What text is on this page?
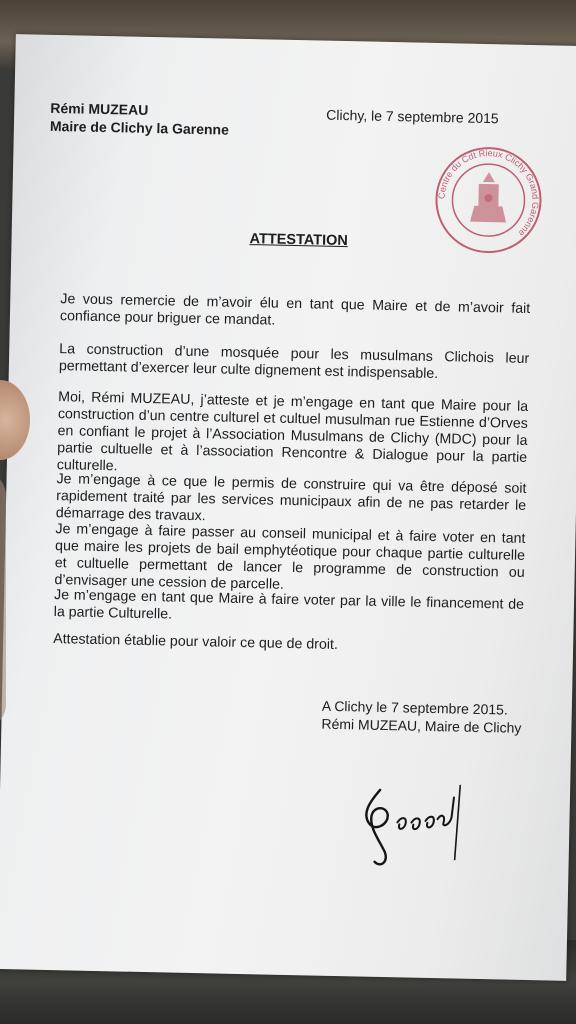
Rémi MUZEAU
Maire de Clichy la Garenne
Clichy, le 7 septembre 2015
Centre du Cdt Rieux Clichy Grand Garenne
ATTESTATION
Je vous remercie de m’avoir élu en tant que Maire et de m’avoir fait confiance pour briguer ce mandat.
La construction d’une mosquée pour les musulmans Clichois leur permettant d’exercer leur culte dignement est indispensable.
Moi, Rémi MUZEAU, j’atteste et je m’engage en tant que Maire pour la construction d’un centre culturel et cultuel musulman rue Estienne d’Orves en confiant le projet à l’Association Musulmans de Clichy (MDC) pour la partie cultuelle et à l’association Rencontre & Dialogue pour la partie culturelle.
Je m’engage à ce que le permis de construire qui va être déposé soit rapidement traité par les services municipaux afin de ne pas retarder le démarrage des travaux.
Je m’engage à faire passer au conseil municipal et à faire voter en tant que maire les projets de bail emphytéotique pour chaque partie culturelle et cultuelle permettant de lancer le programme de construction ou d’envisager une cession de parcelle.
Je m’engage en tant que Maire à faire voter par la ville le financement de la partie Culturelle.
Attestation établie pour valoir ce que de droit.
A Clichy le 7 septembre 2015.
Rémi MUZEAU, Maire de Clichy
